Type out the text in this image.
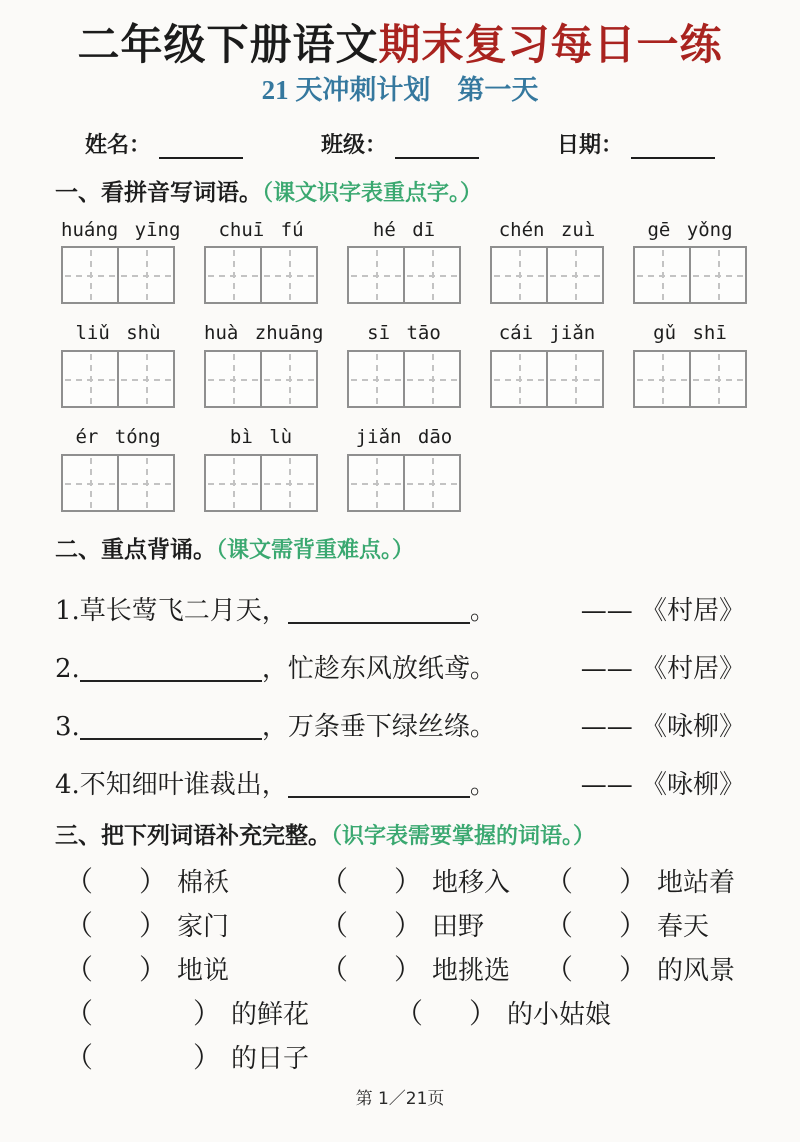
二年级下册语文期末复习每日一练
21 天冲刺计划　第一天
姓名：	班级：	日期：
一、看拼音写词语。（课文识字表重点字。）
huáng yīng	chuī fú	hé dī	chén zuì	gē yǒng
liǔ shù	huà zhuāng	sī tāo	cái jiǎn	gǔ shī
ér tóng	bì lù	jiǎn dāo
二、重点背诵。（课文需背重难点。）
1.草长莺飞二月天，	。	—— 《村居》
2.	，忙趁东风放纸鸢。	—— 《村居》
3.	，万条垂下绿丝绦。	—— 《咏柳》
4.不知细叶谁裁出，	。	—— 《咏柳》
三、把下列词语补充完整。（识字表需要掌握的词语。）
（ ） 棉袄	（ ） 地移入 （ ） 地站着
（ ） 家门	（ ） 田野 （ ） 春天
（ ） 地说	（ ） 地挑选 （ ） 的风景
（	） 的鲜花	（ ） 的小姑娘
（	） 的日子
第 1／21页
